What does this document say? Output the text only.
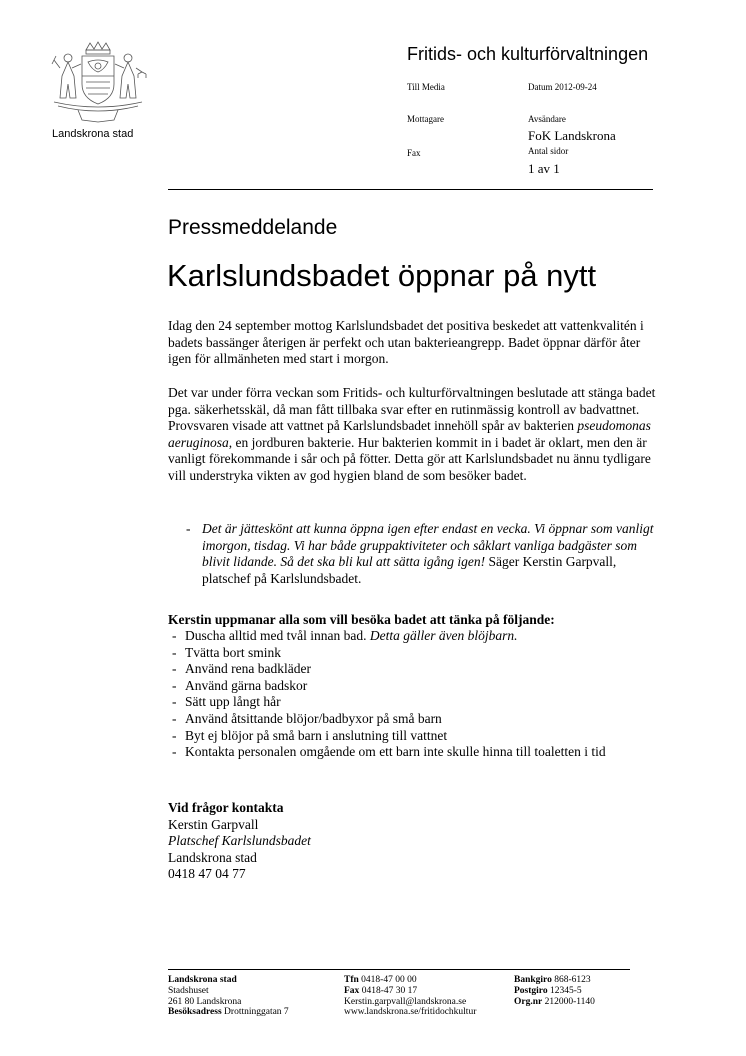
Landskrona stad
Fritids- och kulturförvaltningen
Till Media	Datum 2012-09-24
Mottagare	Avsändare
FoK Landskrona
Fax	Antal sidor
1 av 1
Pressmeddelande
Karlslundsbadet öppnar på nytt
Idag den 24 september mottog Karlslundsbadet det positiva beskedet att vattenkvalitén i badets bassänger återigen är perfekt och utan bakterieangrepp. Badet öppnar därför åter igen för allmänheten med start i morgon.
Det var under förra veckan som Fritids- och kulturförvaltningen beslutade att stänga badet pga. säkerhetsskäl, då man fått tillbaka svar efter en rutinmässig kontroll av badvattnet. Provsvaren visade att vattnet på Karlslundsbadet innehöll spår av bakterien pseudomonas aeruginosa, en jordburen bakterie. Hur bakterien kommit in i badet är oklart, men den är vanligt förekommande i sår och på fötter. Detta gör att Karlslundsbadet nu ännu tydligare vill understryka vikten av god hygien bland de som besöker badet.
- Det är jätteskönt att kunna öppna igen efter endast en vecka. Vi öppnar som vanligt imorgon, tisdag. Vi har både gruppaktiviteter och såklart vanliga badgäster som blivit lidande. Så det ska bli kul att sätta igång igen! Säger Kerstin Garpvall, platschef på Karlslundsbadet.
Kerstin uppmanar alla som vill besöka badet att tänka på följande:
- Duscha alltid med tvål innan bad. Detta gäller även blöjbarn.
- Tvätta bort smink
- Använd rena badkläder
- Använd gärna badskor
- Sätt upp långt hår
- Använd åtsittande blöjor/badbyxor på små barn
- Byt ej blöjor på små barn i anslutning till vattnet
- Kontakta personalen omgående om ett barn inte skulle hinna till toaletten i tid
Vid frågor kontakta
Kerstin Garpvall
Platschef Karlslundsbadet
Landskrona stad
0418 47 04 77
Landskrona stad
Stadshuset
261 80 Landskrona
Besöksadress Drottninggatan 7
Tfn 0418-47 00 00
Fax 0418-47 30 17
Kerstin.garpvall@landskrona.se
www.landskrona.se/fritidochkultur
Bankgiro 868-6123
Postgiro 12345-5
Org.nr 212000-1140
